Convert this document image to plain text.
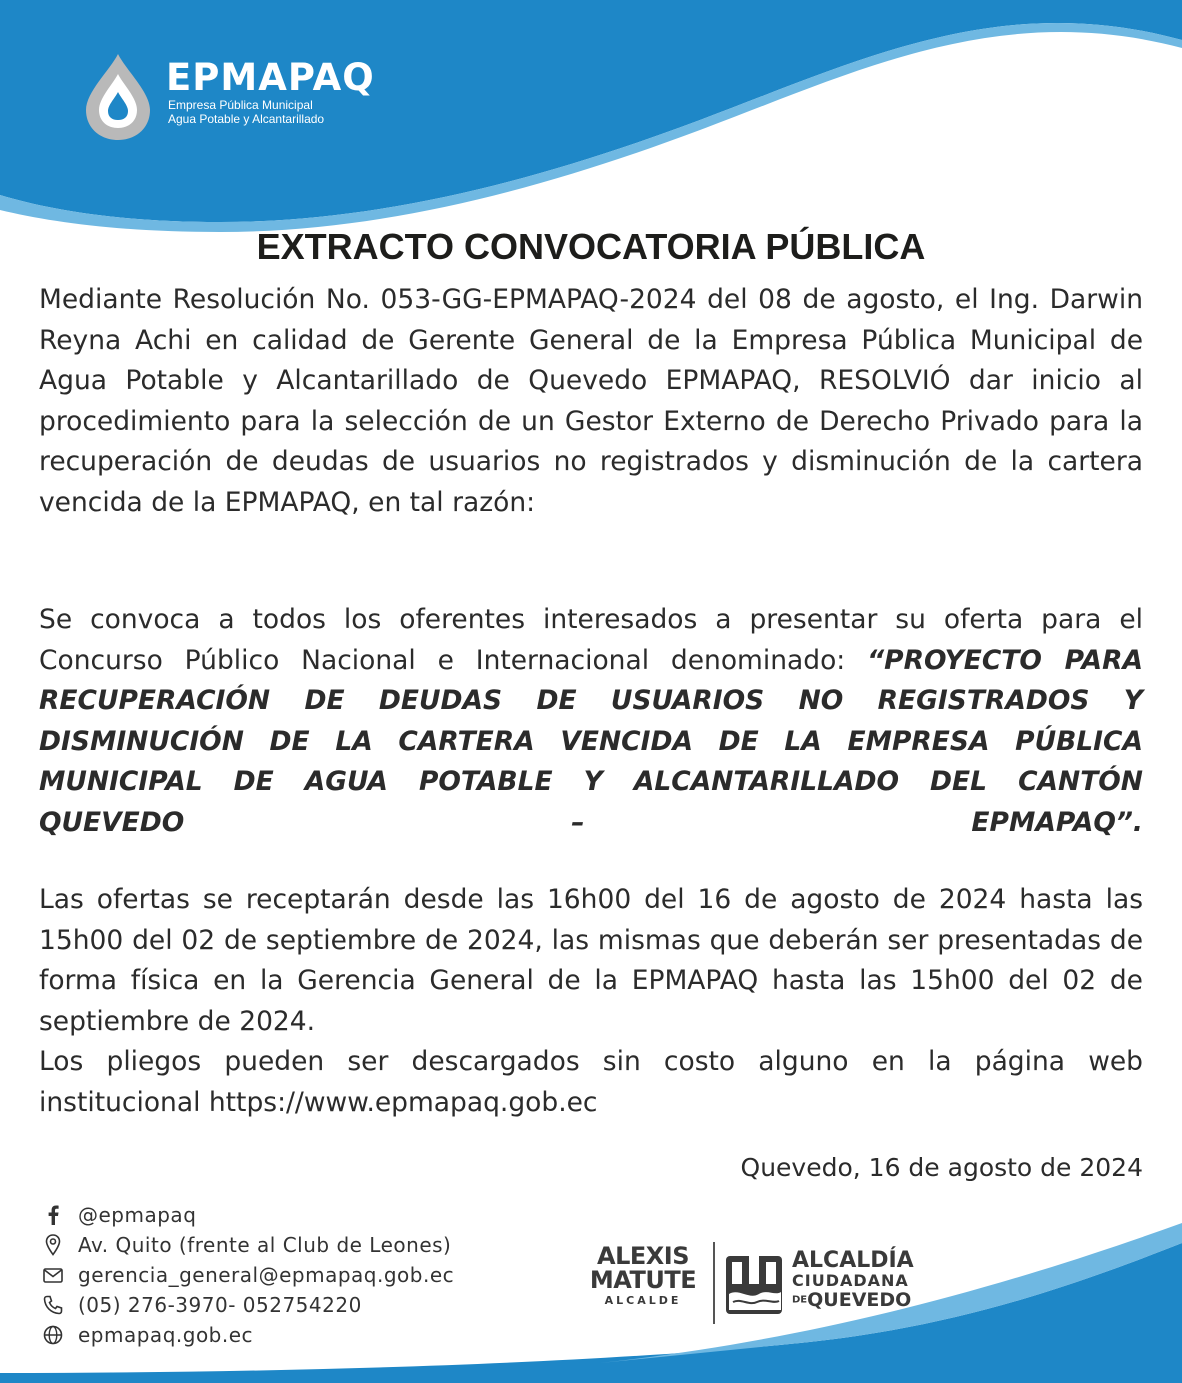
EPMAPAQ
Empresa Pública Municipal
Agua Potable y Alcantarillado
EXTRACTO CONVOCATORIA PÚBLICA

Mediante Resolución No. 053-GG-EPMAPAQ-2024 del 08 de agosto, el Ing. Darwin Reyna Achi en calidad de Gerente General de la Empresa Pública Municipal de Agua Potable y Alcantarillado de Quevedo EPMAPAQ, RESOLVIÓ dar inicio al procedimiento para la selección de un Gestor Externo de Derecho Privado para la recuperación de deudas de usuarios no registrados y disminución de la cartera vencida de la EPMAPAQ, en tal razón:

Se convoca a todos los oferentes interesados a presentar su oferta para el Concurso Público Nacional e Internacional denominado: “PROYECTO PARA RECUPERACIÓN DE DEUDAS DE USUARIOS NO REGISTRADOS Y DISMINUCIÓN DE LA CARTERA VENCIDA DE LA EMPRESA PÚBLICA MUNICIPAL DE AGUA POTABLE Y ALCANTARILLADO DEL CANTÓN QUEVEDO – EPMAPAQ”.

Las ofertas se receptarán desde las 16h00 del 16 de agosto de 2024 hasta las 15h00 del 02 de septiembre de 2024, las mismas que deberán ser presentadas de forma física en la Gerencia General de la EPMAPAQ hasta las 15h00 del 02 de septiembre de 2024.

Los pliegos pueden ser descargados sin costo alguno en la página web institucional https://www.epmapaq.gob.ec

Quevedo, 16 de agosto de 2024
@epmapaq
Av. Quito (frente al Club de Leones)
gerencia_general@epmapaq.gob.ec
(05) 276-3970- 052754220
epmapaq.gob.ec
ALEXIS
MATUTE
ALCALDE
ALCALDÍA
CIUDADANA
DEQUEVEDO
